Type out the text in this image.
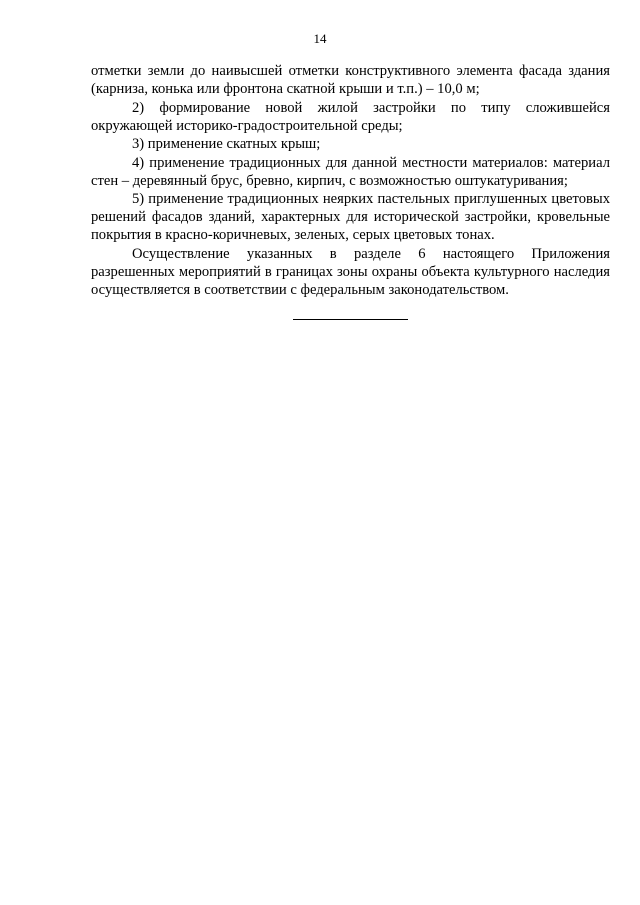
14

отметки земли до наивысшей отметки конструктивного элемента фасада здания (карниза, конька или фронтона скатной крыши и т.п.) – 10,0 м;

2) формирование новой жилой застройки по типу сложившейся окружающей историко-градостроительной среды;

3) применение скатных крыш;

4) применение традиционных для данной местности материалов: материал стен – деревянный брус, бревно, кирпич, с возможностью оштукатуривания;

5) применение традиционных неярких пастельных приглушенных цветовых решений фасадов зданий, характерных для исторической застройки, кровельные покрытия в красно-коричневых, зеленых, серых цветовых тонах.

Осуществление указанных в разделе 6 настоящего Приложения разрешенных мероприятий в границах зоны охраны объекта культурного наследия осуществляется в соответствии с федеральным законодательством.
